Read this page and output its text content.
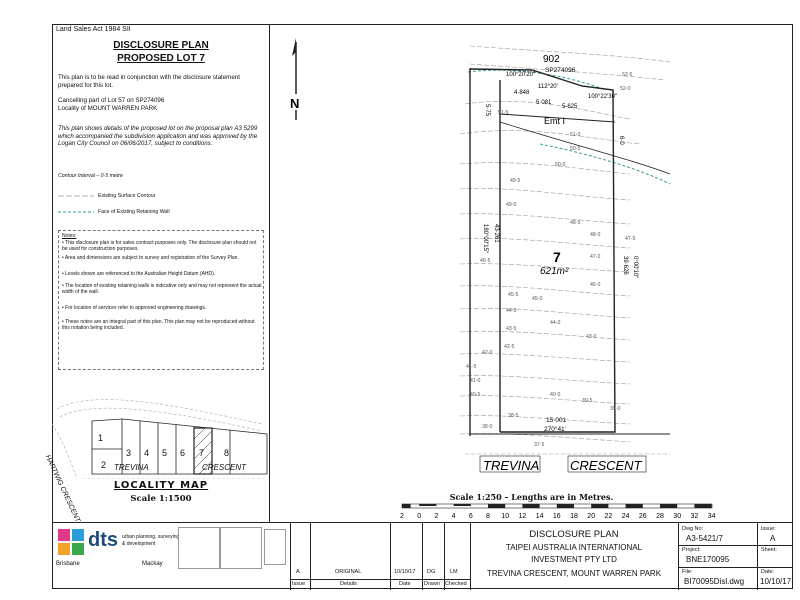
Land Sales Act 1984 SII
DISCLOSURE PLAN
PROPOSED LOT 7
This plan is to be read in conjunction with the disclosure statement prepared for this lot.
Cancelling part of Lot 57 on SP274096
Locality of MOUNT WARREN PARK
This plan shows details of the proposed lot on the proposal plan A3 5299 which accompanied the subdivision application and was approved by the Logan City Council on 06/06/2017, subject to conditions.
Contour Interval – 0·5 metre
Existing Surface Contour
Face of Existing Retaining Wall
Notes:
• This disclosure plan is for sales contract purposes only. The disclosure plan should not be used for construction purposes.
• Area and dimensions are subject to survey and registration of the Survey Plan.
• Levels shown are referenced to the Australian Height Datum (AHD).
• The location of existing retaining walls is indicative only and may not represent the actual width of the wall.
• For location of services refer to approved engineering drawings.
• These notes are an integral part of this plan. This plan may not be reproduced without this notation being included.
1
2
3 4 5 6 7 8
HARTWIG CRESCENT	TREVINA	CRESCENT
LOCALITY MAP
Scale 1:1500
N
902
SP274096
100°20'20"
112°20'
100°22'30"
4·848
5·081
5·625
Emt I
5·75
6·0
43·261
180°00'15"
39·626 0°00'10"
7
621m²
15·001
270°41'
TREVINA CRESCENT
52·5
52·0
51·5
51·0
50·5
50·0
49·5
49·0
48·5
48·0
47·5
47·0
46·5
46·0
45·5
45·0
44·5
44·0
43·5
43·0
42·5
42·0
41·5
41·0
40·5	40·0
39·5
39·0
38·5
38·0
37·5
Scale 1:250 – Lengths are in Metres.
2 0 2 4 6 8 10 12 14 16 18 20 22 24 26 28 30 32 34
dts urban planning, surveying
& development
Brisbane	Mackay
A	ORIGINAL	10/10/17 DG	LM
Issue	Details	Date Drawn Checked
DISCLOSURE PLAN
TAIPEI AUSTRALIA INTERNATIONAL
INVESTMENT PTY LTD
TREVINA CRESCENT, MOUNT WARREN PARK
Dwg No:
A3-5421/7
Project:
BNE170095
File:
BI70095Disl.dwg
Issue:
A
Sheet:
Date:
10/10/17
